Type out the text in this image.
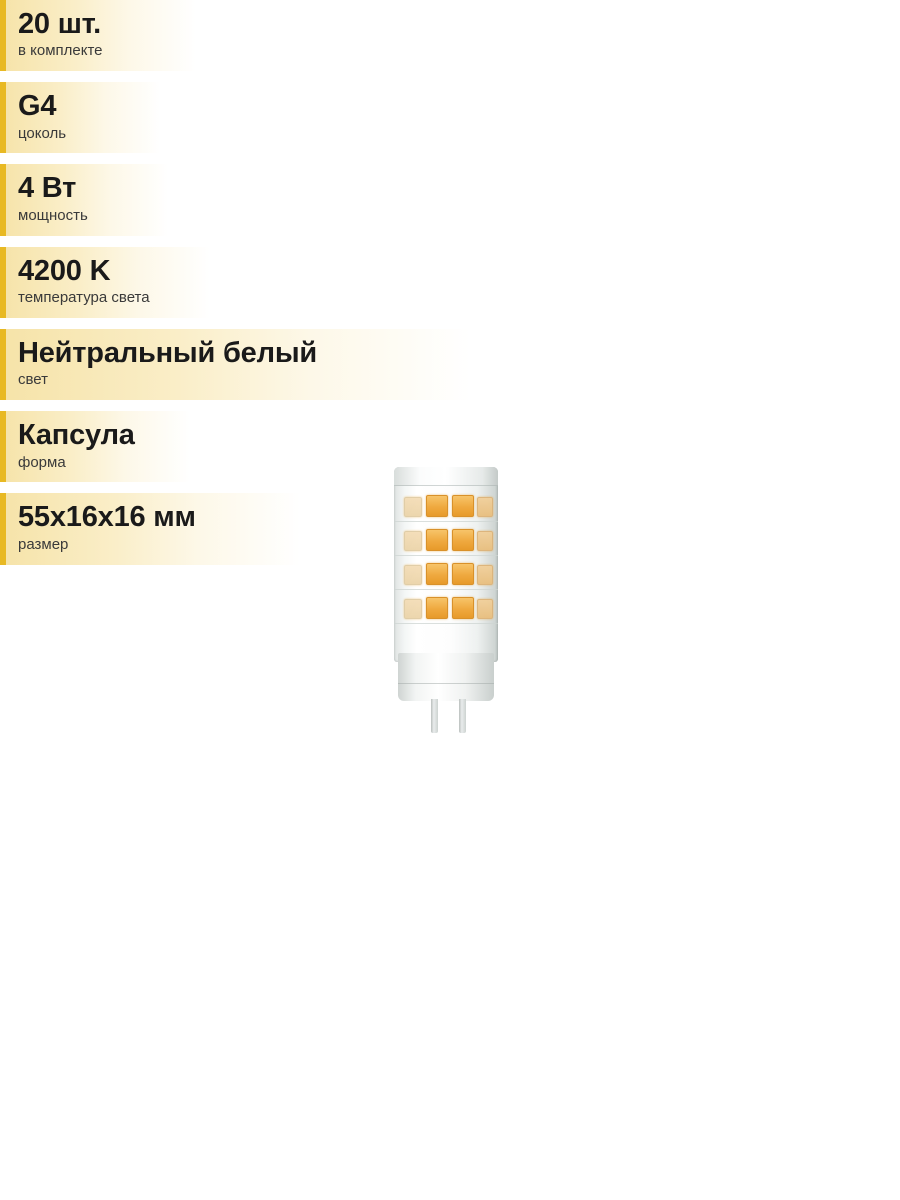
20 шт.
в комплекте
G4
цоколь
4 Вт
мощность
4200 K
температура света
Нейтральный белый
свет
Капсула
форма
55x16x16 мм
размер
